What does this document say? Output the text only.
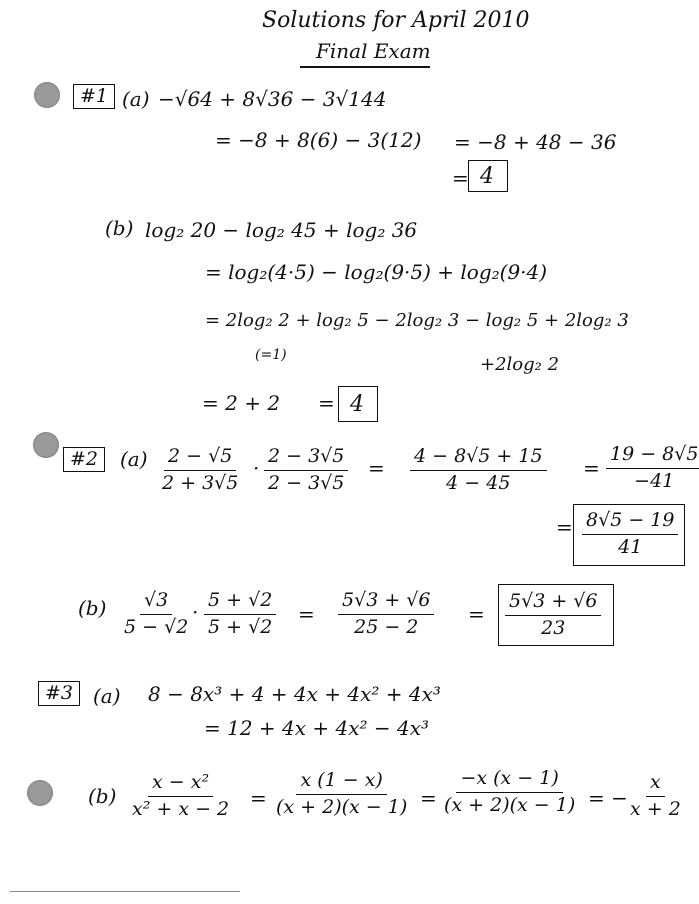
Solutions for April 2010
Final Exam
#1 (a) −√64 + 8√36 − 3√144
= −8 + 8(6) − 3(12) = −8 + 48 − 36
= 4
(b) log₂ 20 − log₂ 45 + log₂ 36
= log₂(4·5) − log₂(9·5) + log₂(9·4)
= 2log₂ 2 + log₂ 5 − 2log₂ 3 − log₂ 5 + 2log₂ 3
(=1)	+2log₂ 2
= 2 + 2 = 4
#2	$(a) \frac{2 - √5}{2 + 3√5} \cdot \frac{2 - 3√5}{2 - 3√5} = \frac{4 - 8√5 + 15}{4 - 45} = \frac{19 - 8√5}{-41}$
= $\frac{8√5 - 19}{41}$
$(b) \frac{√3}{5 - √2} \cdot \frac{5 + √2}{5 + √2} = \frac{5√3 + √6}{25 - 2} = \frac{5√3 + √6}{23}$
#3 (a) 8 − 8x³ + 4 + 4x + 4x² + 4x³
= 12 + 4x + 4x² − 4x³
$(b) \frac{\text{x − x²}}{\text{x² + x − 2}} = \frac{x (1 - x)}{(x + 2)(x - 1)} = \frac{-x (x - 1)}{(x + 2)(x - 1)}$ = −
$\frac{x}{x + 2}$
